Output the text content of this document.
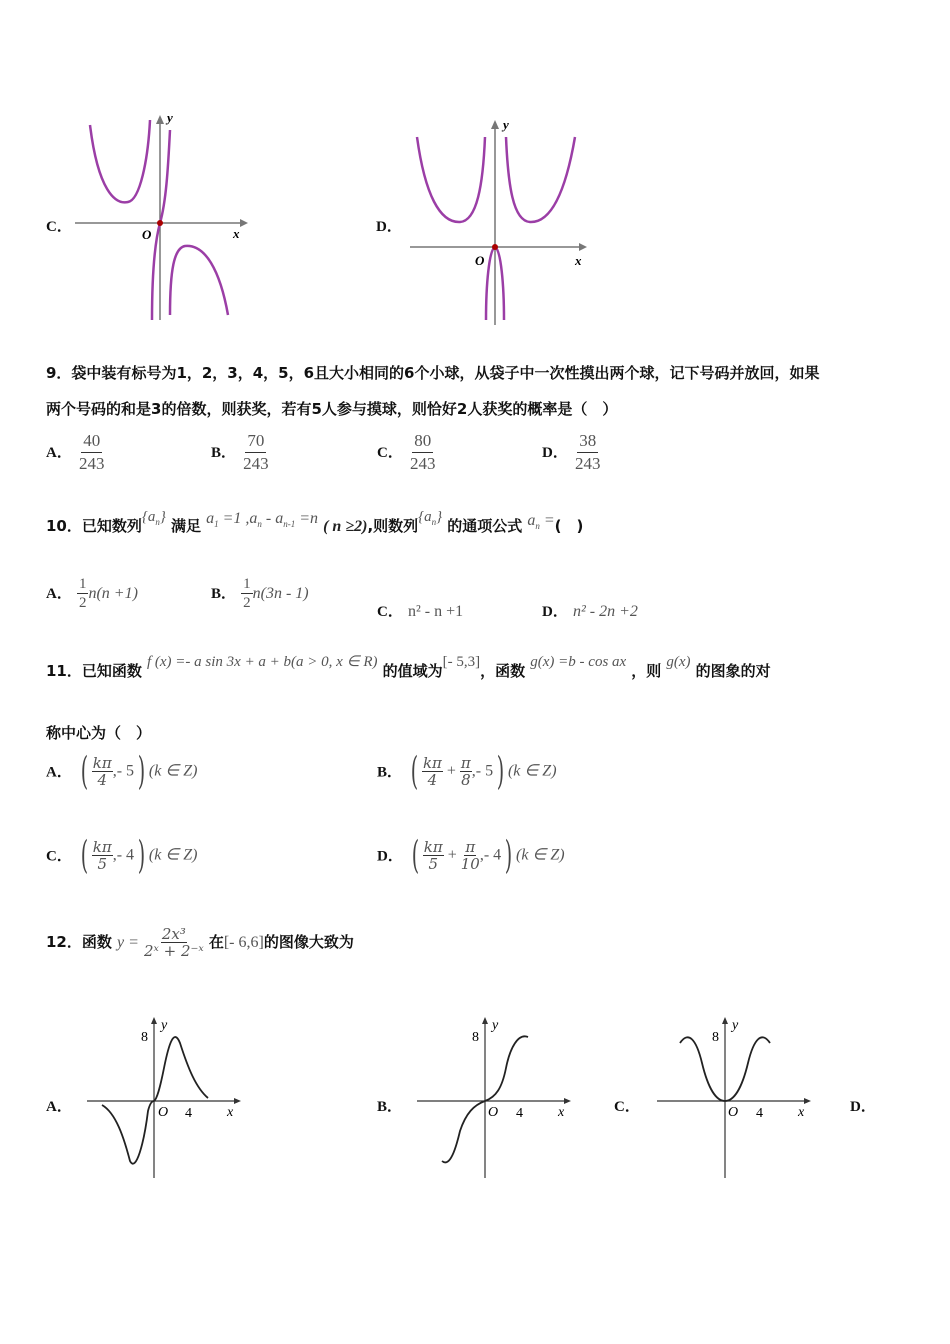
C．	x
y
O	D．
x
y
O
9．袋中装有标号为1，2，3，4，5，6且大小相同的6个小球，从袋子中一次性摸出两个球，记下号码并放回，如果
两个号码的和是3的倍数，则获奖，若有5人参与摸球，则恰好2人获奖的概率是（　）
A． $\frac{40}{243}$	B． $\frac{70}{243}$	C． $\frac{80}{243}$	D． $\frac{38}{243}$
10．已知数列$\{a_n\}$ 满足 $a_1 =1$ $,a_n - a_{n-1} =n$ ( n ≥2),则数列$\{a_n\}$ 的通项公式 $a_n$ =(　)
A． $\frac{1}{2} n(n +1)$	B． $\frac{1}{2} n(3n - 1)$
C． n² - n +1	D． n² - 2n +2
11．已知函数 f (x) =- a sin 3x + a + b(a > 0, x ∈ R) 的值域为[- 5,3]，函数 g(x) =b - cos ax ，则 g(x) 的图象的对
称中心为（　）
A． ( $\frac{k\pi}{4}$ ,- 5) (k ∈ Z)	B． ( $\frac{k\pi}{4} + \frac{\pi}{8}$ ,- 5) (k ∈ Z)
C． ( $\frac{k\pi}{5}$ ,- 4) (k ∈ Z)	D． ( $\frac{k\pi}{5} + \frac{\pi}{10}$ ,- 4) (k ∈ Z)
12．函数 $y = \frac{\text{2x³}}{\text{2ˣ + 2⁻ˣ}}$ 在[- 6,6]的图像大致为
A．
8
y
O 4	x	B．
8
y
O 4	x	C．
8
y
O 4	x	D．
